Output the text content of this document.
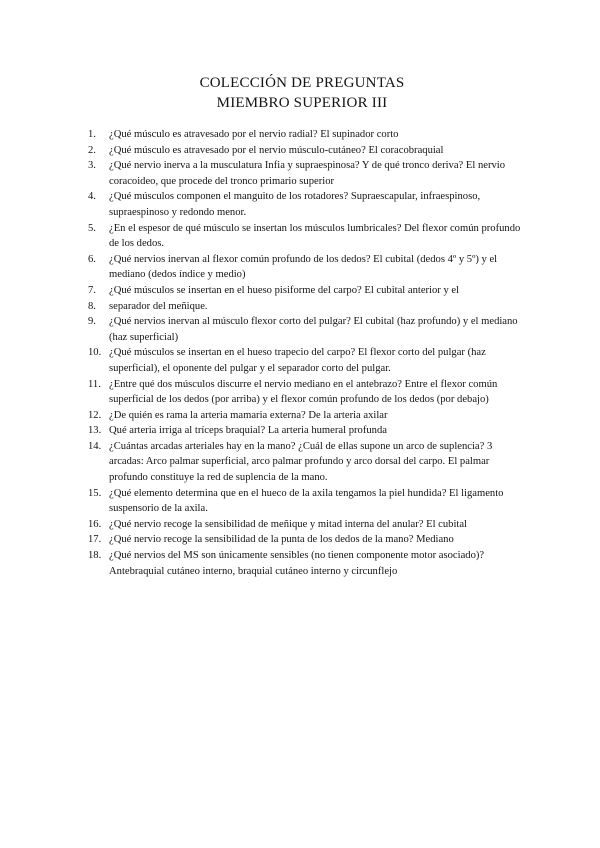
COLECCIÓN DE PREGUNTAS
MIEMBRO SUPERIOR III
1.	¿Qué músculo es atravesado por el nervio radial? El supinador corto
2.	¿Qué músculo es atravesado por el nervio músculo-cutáneo? El coracobraquial
3.	¿Qué nervio inerva a la musculatura Infia y supraespinosa? Y de qué tronco deriva? El nervio coracoideo, que procede del tronco primario superior
4.	¿Qué músculos componen el manguito de los rotadores? Supraescapular, infraespinoso, supraespinoso y redondo menor.
5.	¿En el espesor de qué músculo se insertan los músculos lumbricales? Del flexor común profundo de los dedos.
6.	¿Qué nervios inervan al flexor común profundo de los dedos? El cubital (dedos 4º y 5º) y el mediano (dedos índice y medio)
7.	¿Qué músculos se insertan en el hueso pisiforme del carpo? El cubital anterior y el
8.	separador del meñique.
9.	¿Qué nervios inervan al músculo flexor corto del pulgar? El cubital (haz profundo) y el mediano (haz superficial)
10. ¿Qué músculos se insertan en el hueso trapecio del carpo? El flexor corto del pulgar (haz superficial), el oponente del pulgar y el separador corto del pulgar.
11. ¿Entre qué dos músculos discurre el nervio mediano en el antebrazo? Entre el flexor común superficial de los dedos (por arriba) y el flexor común profundo de los dedos (por debajo)
12. ¿De quién es rama la arteria mamaria externa? De la arteria axilar
13. Qué arteria irriga al tríceps braquial? La arteria humeral profunda
14. ¿Cuántas arcadas arteriales hay en la mano? ¿Cuál de ellas supone un arco de suplencia? 3 arcadas: Arco palmar superficial, arco palmar profundo y arco dorsal del carpo. El palmar profundo constituye la red de suplencia de la mano.
15. ¿Qué elemento determina que en el hueco de la axila tengamos la piel hundida? El ligamento suspensorio de la axila.
16. ¿Qué nervio recoge la sensibilidad de meñique y mitad interna del anular? El cubital
17. ¿Qué nervio recoge la sensibilidad de la punta de los dedos de la mano? Mediano
18. ¿Qué nervios del MS son únicamente sensibles (no tienen componente motor asociado)? Antebraquial cutáneo interno, braquial cutáneo interno y circunflejo
